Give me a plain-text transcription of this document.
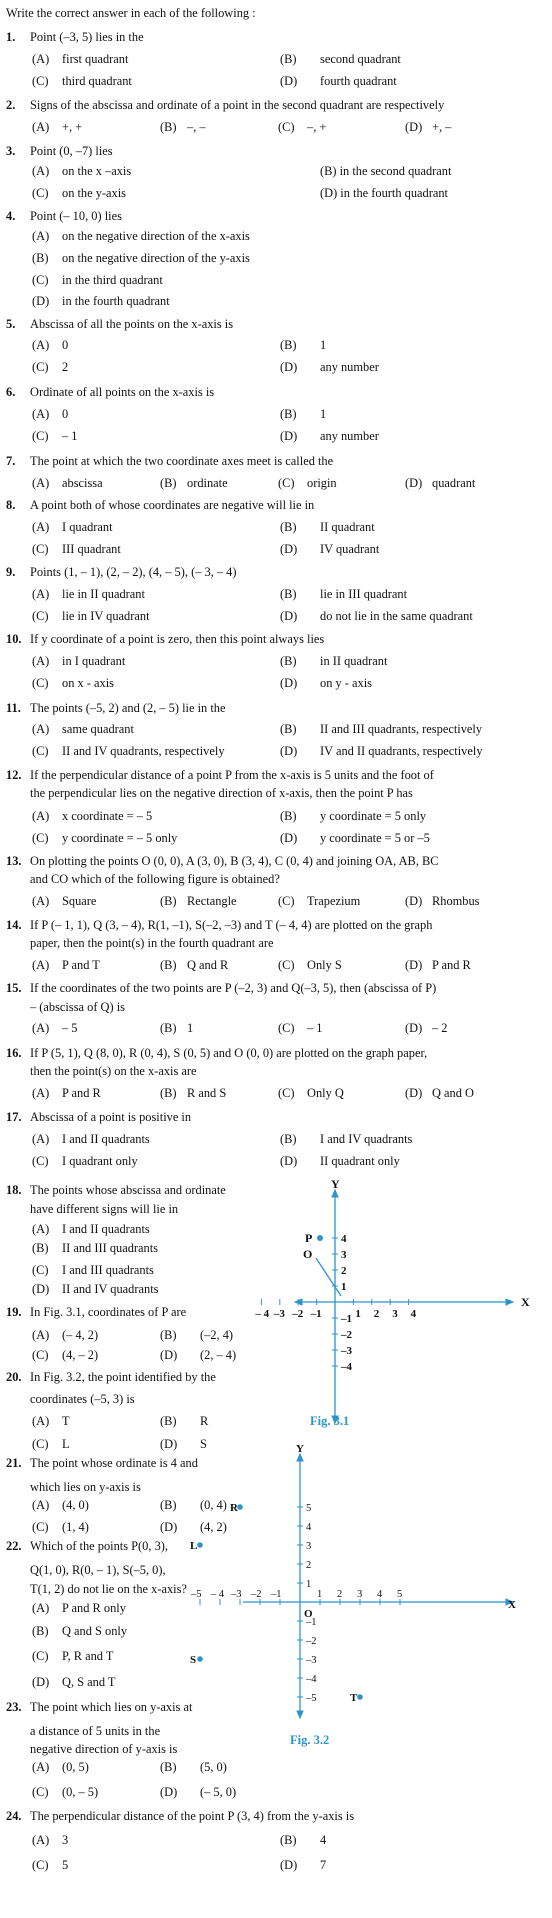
Write the correct answer in each of the following :
1. Point (–3, 5) lies in the
(A) first quadrant	(B) second quadrant
(C) third quadrant	(D) fourth quadrant
2. Signs of the abscissa and ordinate of a point in the second quadrant are respectively
(A) +, +	(B) –, –	(C) –, +	(D) +, –
3. Point (0, –7) lies
(A) on the x –axis	(B) in the second quadrant
(C) on the y-axis	(D) in the fourth quadrant
4. Point (– 10, 0) lies
(A) on the negative direction of the x-axis
(B) on the negative direction of the y-axis
(C) in the third quadrant
(D) in the fourth quadrant
5. Abscissa of all the points on the x-axis is
(A) 0	(B) 1
(C) 2	(D) any number
6. Ordinate of all points on the x-axis is
(A) 0	(B) 1
(C) – 1	(D) any number
7. The point at which the two coordinate axes meet is called the
(A) abscissa	(B) ordinate	(C) origin	(D) quadrant
8. A point both of whose coordinates are negative will lie in
(A) I quadrant	(B) II quadrant
(C) III quadrant	(D) IV quadrant
9. Points (1, – 1), (2, – 2), (4, – 5), (– 3, – 4)
(A) lie in II quadrant	(B) lie in III quadrant
(C) lie in IV quadrant	(D) do not lie in the same quadrant
10. If y coordinate of a point is zero, then this point always lies
(A) in I quadrant	(B) in II quadrant
(C) on x - axis	(D) on y - axis
11. The points (–5, 2) and (2, – 5) lie in the
(A) same quadrant	(B) II and III quadrants, respectively
(C) II and IV quadrants, respectively	(D) IV and II quadrants, respectively
12. If the perpendicular distance of a point P from the x-axis is 5 units and the foot of
the perpendicular lies on the negative direction of x-axis, then the point P has
(A) x coordinate = – 5	(B) y coordinate = 5 only
(C) y coordinate = – 5 only	(D) y coordinate = 5 or –5
13. On plotting the points O (0, 0), A (3, 0), B (3, 4), C (0, 4) and joining OA, AB, BC
and CO which of the following figure is obtained?
(A) Square	(B) Rectangle	(C) Trapezium	(D) Rhombus
14. If P (– 1, 1), Q (3, – 4), R(1, –1), S(–2, –3) and T (– 4, 4) are plotted on the graph
paper, then the point(s) in the fourth quadrant are
(A) P and T	(B) Q and R	(C) Only S	(D) P and R
15. If the coordinates of the two points are P (–2, 3) and Q(–3, 5), then (abscissa of P)
– (abscissa of Q) is
(A) – 5	(B) 1	(C) – 1	(D) – 2
16. If P (5, 1), Q (8, 0), R (0, 4), S (0, 5) and O (0, 0) are plotted on the graph paper,
then the point(s) on the x-axis are
(A) P and R	(B) R and S	(C) Only Q	(D) Q and O
17. Abscissa of a point is positive in
(A) I and II quadrants	(B) I and IV quadrants
(C) I quadrant only	(D) II quadrant only
18. The points whose abscissa and ordinate
have different signs will lie in
(A) I and II quadrants
(B) II and III quadrants
(C) I and III quadrants
(D) II and IV quadrants
19. In Fig. 3.1, coordinates of P are
(A) (– 4, 2)	(B) (–2, 4)
(C) (4, – 2)	(D) (2, – 4)
20. In Fig. 3.2, the point identified by the
coordinates (–5, 3) is
(A) T	(B) R
(C) L	(D) S
21. The point whose ordinate is 4 and
which lies on y-axis is
(A) (4, 0)	(B) (0, 4)
(C) (1, 4)	(D) (4, 2)
22. Which of the points P(0, 3),
Q(1, 0), R(0, – 1), S(–5, 0),
T(1, 2) do not lie on the x-axis?
(A) P and R only
(B) Q and S only
(C) P, R and T
(D) Q, S and T
23. The point which lies on y-axis at
a distance of 5 units in the
negative direction of y-axis is
(A) (0, 5)	(B) (5, 0)
(C) (0, – 5)	(D) (– 5, 0)
24. The perpendicular distance of the point P (3, 4) from the y-axis is
(A) 3	(B) 4
(C) 5	(D) 7
– 4 –3 –2 –1	1 2 3 4
4
3
2
1
–1
–2
–3
–4
X
Y
P
O
Fig. 3.1
–5 – 4 –3 –2 –1	1 2 3 4 5
5
4
3
2
1
–1
–2
–3
–4
–5
O
Y
X
R
L
S
T
Fig. 3.2
